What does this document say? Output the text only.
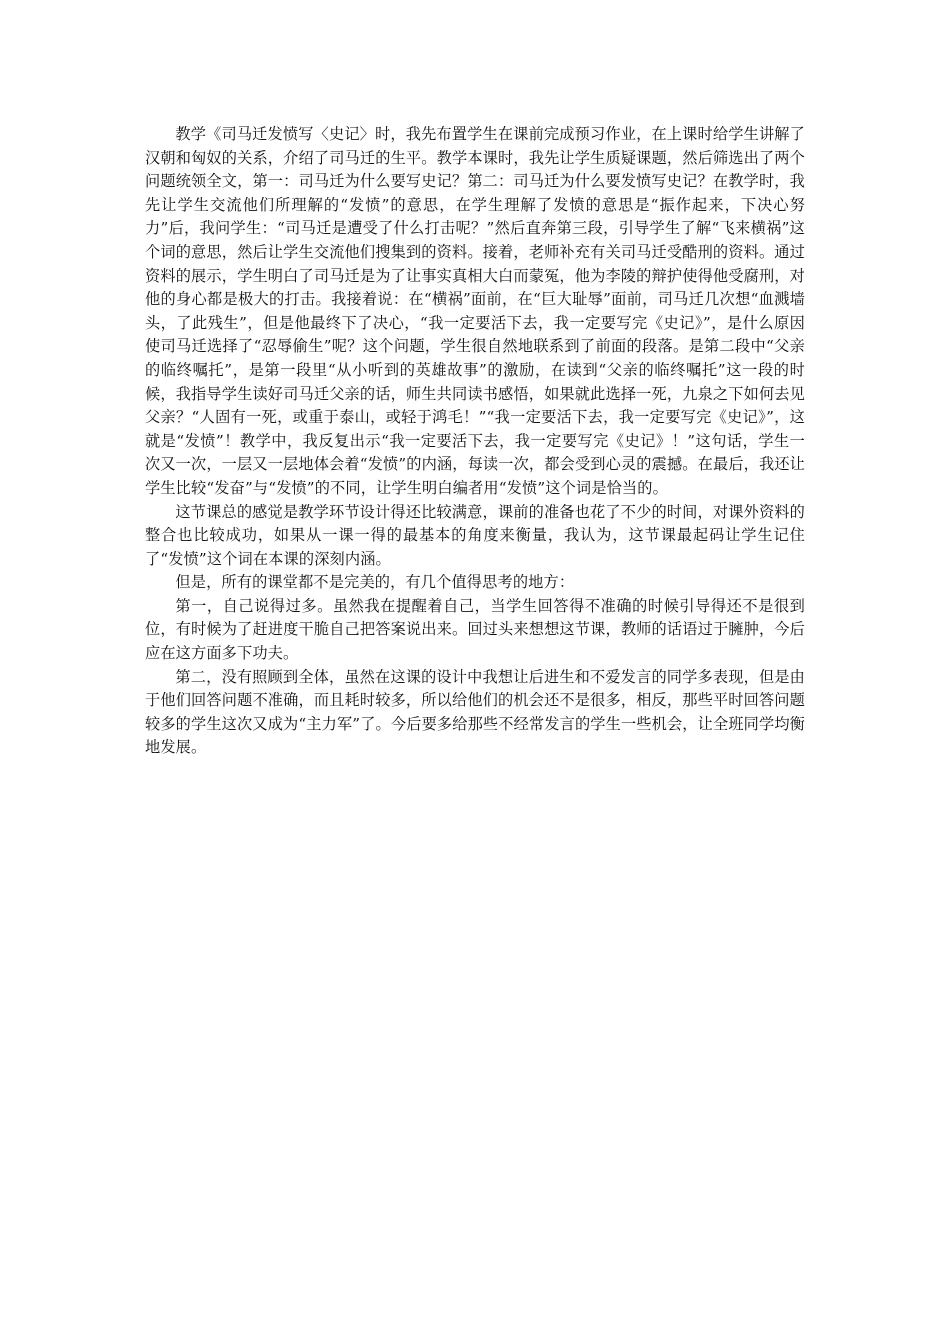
教学《司马迁发愤写〈史记〉时，我先布置学生在课前完成预习作业，在上课时给学生讲解了汉朝和匈奴的关系，介绍了司马迁的生平。教学本课时，我先让学生质疑课题，然后筛选出了两个问题统领全文，第一：司马迁为什么要写史记？第二：司马迁为什么要发愤写史记？在教学时，我先让学生交流他们所理解的“发愤”的意思，在学生理解了发愤的意思是“振作起来，下决心努力”后，我问学生：“司马迁是遭受了什么打击呢？”然后直奔第三段，引导学生了解“飞来横祸”这个词的意思，然后让学生交流他们搜集到的资料。接着，老师补充有关司马迁受酷刑的资料。通过资料的展示，学生明白了司马迁是为了让事实真相大白而蒙冤，他为李陵的辩护使得他受腐刑，对他的身心都是极大的打击。我接着说：在“横祸”面前，在“巨大耻辱”面前，司马迁几次想“血溅墙头，了此残生”，但是他最终下了决心，“我一定要活下去，我一定要写完《史记》”，是什么原因使司马迁选择了“忍辱偷生”呢？这个问题，学生很自然地联系到了前面的段落。是第二段中“父亲的临终嘱托”，是第一段里“从小听到的英雄故事”的激励，在读到“父亲的临终嘱托”这一段的时候，我指导学生读好司马迁父亲的话，师生共同读书感悟，如果就此选择一死，九泉之下如何去见父亲？“人固有一死，或重于泰山，或轻于鸿毛！”“我一定要活下去，我一定要写完《史记》”，这就是“发愤”！教学中，我反复出示“我一定要活下去，我一定要写完《史记》！”这句话，学生一次又一次，一层又一层地体会着“发愤”的内涵，每读一次，都会受到心灵的震撼。在最后，我还让学生比较“发奋”与“发愤”的不同，让学生明白编者用“发愤”这个词是恰当的。

这节课总的感觉是教学环节设计得还比较满意，课前的准备也花了不少的时间，对课外资料的整合也比较成功，如果从一课一得的最基本的角度来衡量，我认为，这节课最起码让学生记住了“发愤”这个词在本课的深刻内涵。

但是，所有的课堂都不是完美的，有几个值得思考的地方：

第一，自己说得过多。虽然我在提醒着自己，当学生回答得不准确的时候引导得还不是很到位，有时候为了赶进度干脆自己把答案说出来。回过头来想想这节课，教师的话语过于臃肿，今后应在这方面多下功夫。

第二，没有照顾到全体，虽然在这课的设计中我想让后进生和不爱发言的同学多表现，但是由于他们回答问题不准确，而且耗时较多，所以给他们的机会还不是很多，相反，那些平时回答问题较多的学生这次又成为“主力军”了。今后要多给那些不经常发言的学生一些机会，让全班同学均衡地发展。
